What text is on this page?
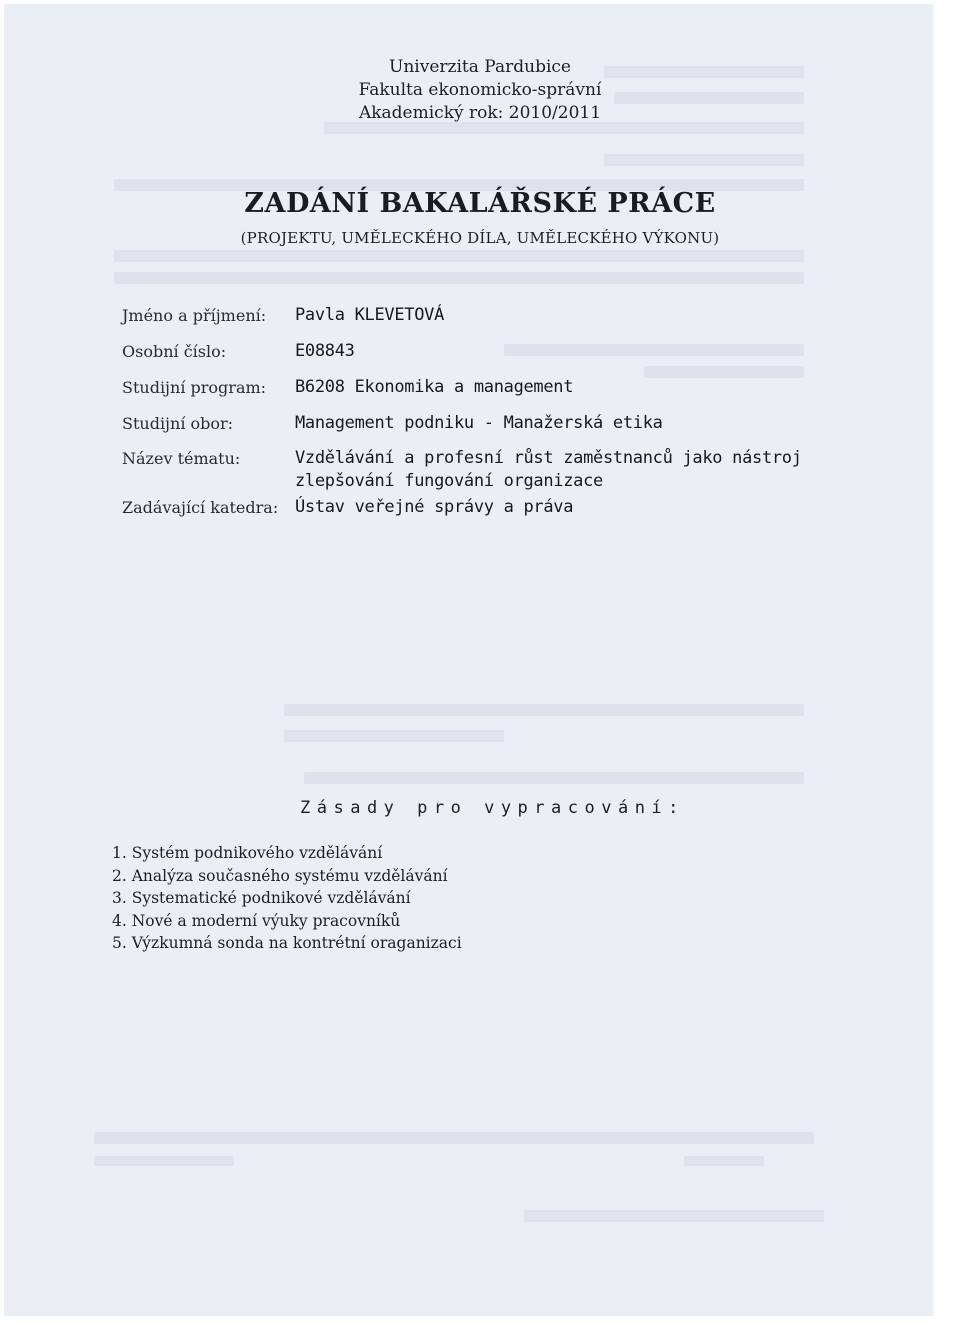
Univerzita Pardubice
Fakulta ekonomicko-správní
Akademický rok: 2010/2011
ZADÁNÍ BAKALÁŘSKÉ PRÁCE
(PROJEKTU, UMĚLECKÉHO DÍLA, UMĚLECKÉHO VÝKONU)
Jméno a příjmení: Pavla KLEVETOVÁ
Osobní číslo:	E08843
Studijní program: B6208 Ekonomika a management
Studijní obor:	Management podniku - Manažerská etika
Název tématu:	Vzdělávání a profesní růst zaměstnanců jako nástroj zlepšování fungování organizace
Zadávající katedra: Ústav veřejné správy a práva
Zásady pro vypracování:
1. Systém podnikového vzdělávání
2. Analýza současného systému vzdělávání
3. Systematické podnikové vzdělávání
4. Nové a moderní výuky pracovníků
5. Výzkumná sonda na kontrétní oraganizaci
